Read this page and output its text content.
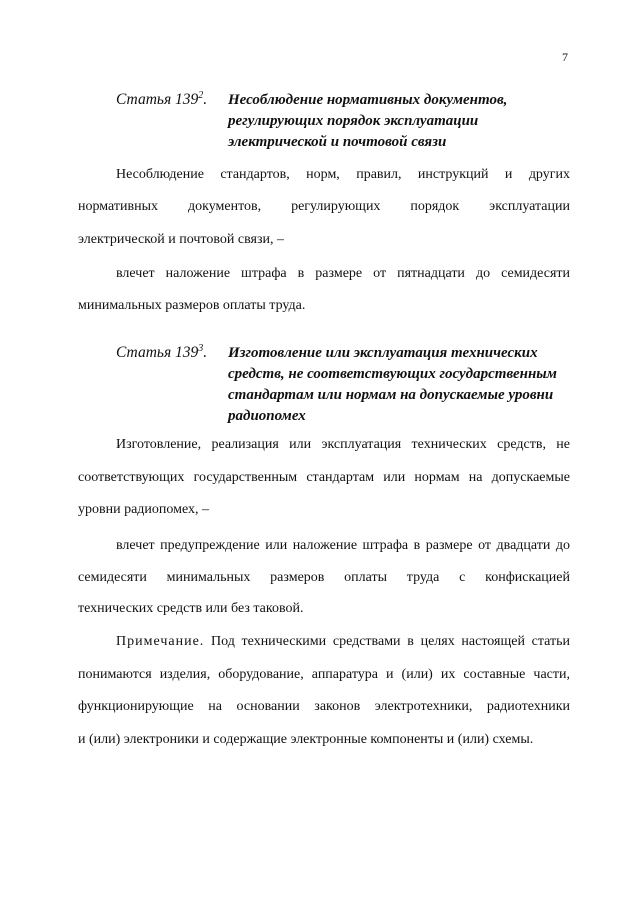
7
Статья $139^2$. Несоблюдение нормативных документов,
регулирующих порядок эксплуатации
электрической и почтовой связи
Несоблюдение стандартов, норм, правил, инструкций и других
нормативных документов, регулирующих порядок эксплуатации
электрической и почтовой связи, –
влечет наложение штрафа в размере от пятнадцати до семидесяти
минимальных размеров оплаты труда.
Статья $139^3$. Изготовление или эксплуатация технических
средств, не соответствующих государственным
стандартам или нормам на допускаемые уровни
радиопомех
Изготовление, реализация или эксплуатация технических средств, не
соответствующих государственным стандартам или нормам на допускаемые
уровни радиопомех, –
влечет предупреждение или наложение штрафа в размере от двадцати до
семидесяти минимальных размеров оплаты труда с конфискацией
технических средств или без таковой.
Примечание. Под техническими средствами в целях настоящей статьи
понимаются изделия, оборудование, аппаратура и (или) их составные части,
функционирующие на основании законов электротехники, радиотехники
и (или) электроники и содержащие электронные компоненты и (или) схемы.
